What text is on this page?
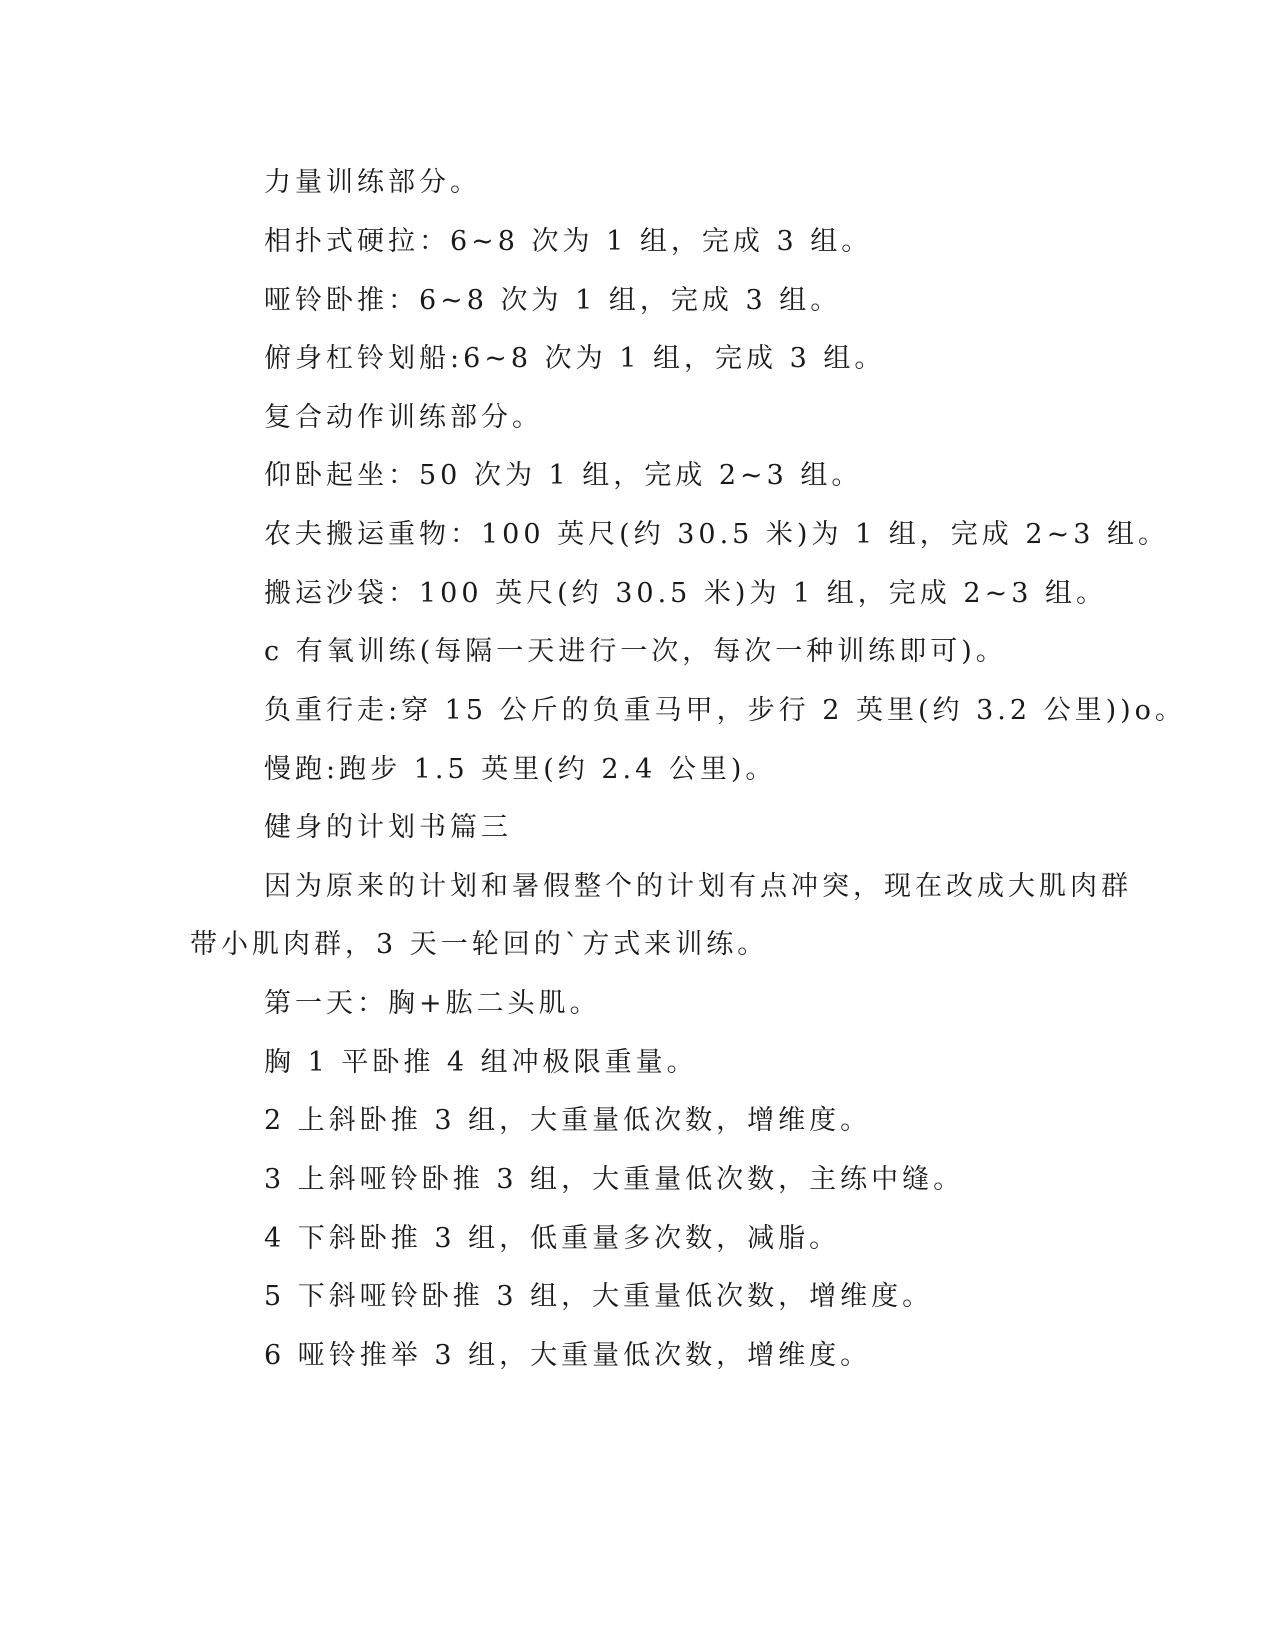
力量训练部分。

相扑式硬拉：6~8 次为 1 组，完成 3 组。

哑铃卧推：6~8 次为 1 组，完成 3 组。

俯身杠铃划船:6~8 次为 1 组，完成 3 组。

复合动作训练部分。

仰卧起坐：50 次为 1 组，完成 2~3 组。

农夫搬运重物：100 英尺(约 30.5 米)为 1 组，完成 2~3 组。

搬运沙袋：100 英尺(约 30.5 米)为 1 组，完成 2~3 组。

c 有氧训练(每隔一天进行一次，每次一种训练即可)。

负重行走:穿 15 公斤的负重马甲，步行 2 英里(约 3.2 公里))o。

慢跑:跑步 1.5 英里(约 2.4 公里)。

健身的计划书篇三

因为原来的计划和暑假整个的计划有点冲突，现在改成大肌肉群

带小肌肉群，3 天一轮回的`方式来训练。

第一天：胸+肱二头肌。

胸 1 平卧推 4 组冲极限重量。

2 上斜卧推 3 组，大重量低次数，增维度。

3 上斜哑铃卧推 3 组，大重量低次数，主练中缝。

4 下斜卧推 3 组，低重量多次数，减脂。

5 下斜哑铃卧推 3 组，大重量低次数，增维度。

6 哑铃推举 3 组，大重量低次数，增维度。
